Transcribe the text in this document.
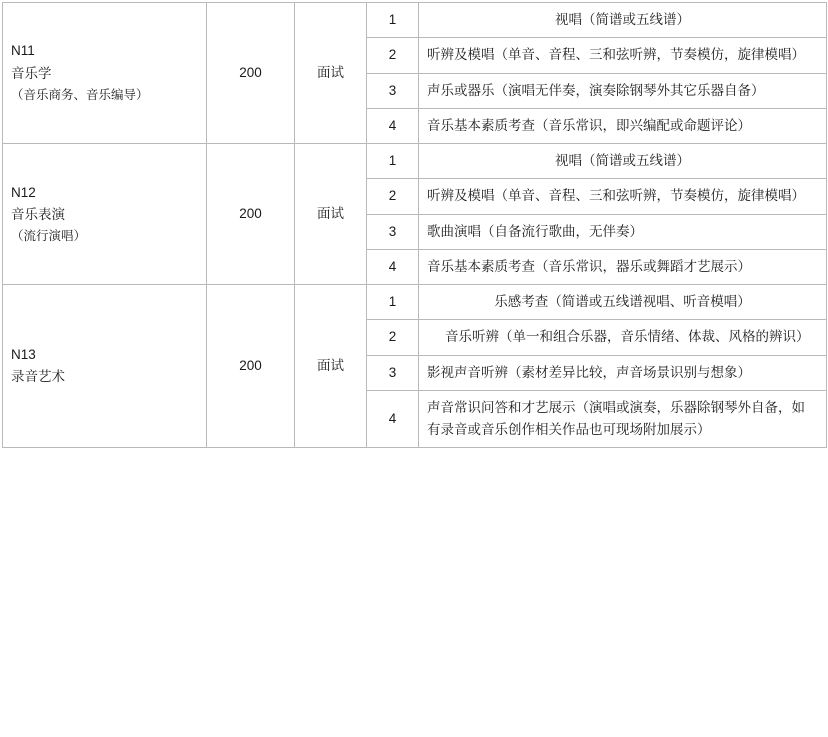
N11
音乐学
（音乐商务、音乐编导）	200	面试	1	视唱（简谱或五线谱）
			2	听辨及模唱（单音、音程、三和弦听辨，节奏模仿，旋律模唱）
			3	声乐或器乐（演唱无伴奏，演奏除钢琴外其它乐器自备）
			4	音乐基本素质考查（音乐常识，即兴编配或命题评论）

N12
音乐表演
（流行演唱）	200	面试	1	视唱（简谱或五线谱）
			2	听辨及模唱（单音、音程、三和弦听辨，节奏模仿，旋律模唱）
			3	歌曲演唱（自备流行歌曲，无伴奏）
			4	音乐基本素质考查（音乐常识，器乐或舞蹈才艺展示）

N13
录音艺术	200	面试	1	乐感考查（简谱或五线谱视唱、听音模唱）
			2	音乐听辨（单一和组合乐器，音乐情绪、体裁、风格的辨识）
			3	影视声音听辨（素材差异比较，声音场景识别与想象）
			4	声音常识问答和才艺展示（演唱或演奏，乐器除钢琴外自备，如有录音或音乐创作相关作品也可现场附加展示）
